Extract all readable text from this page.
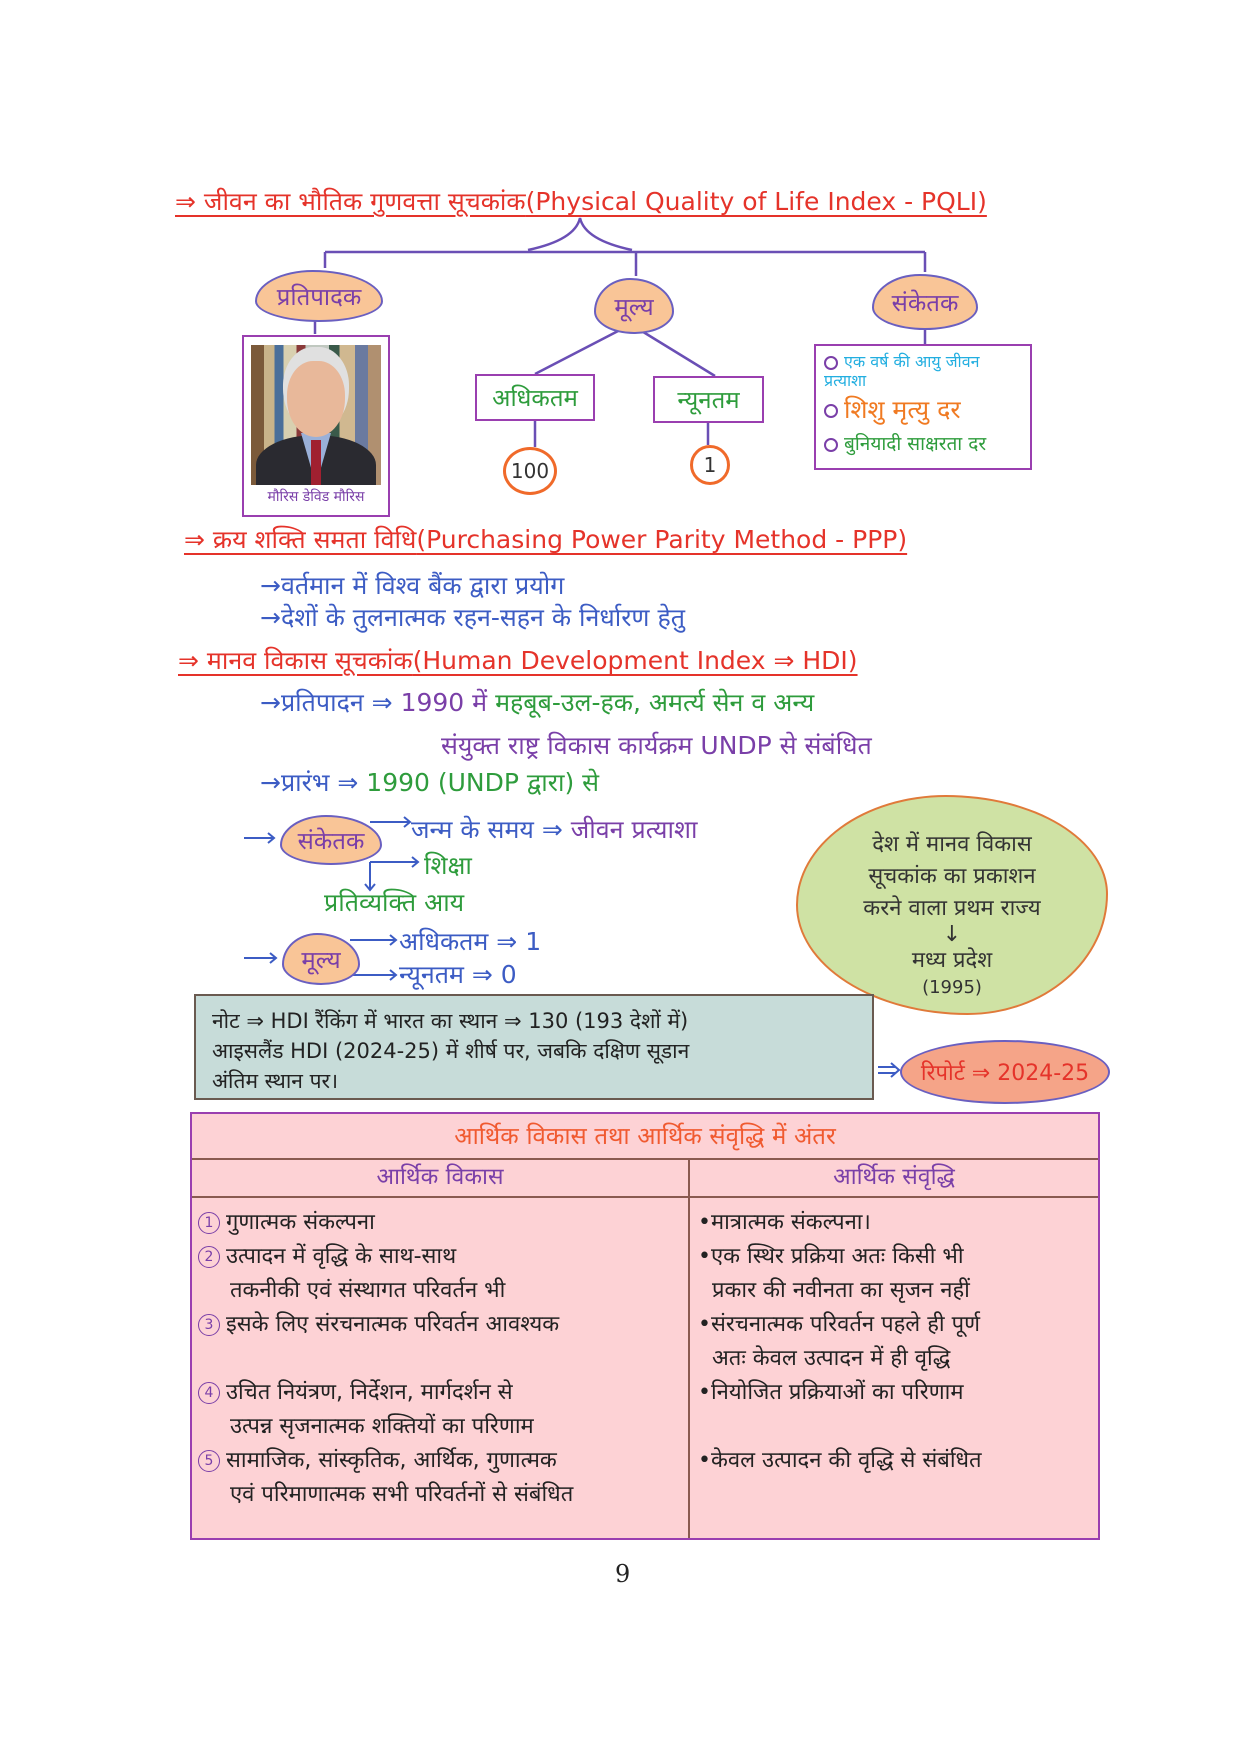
⇒ जीवन का भौतिक गुणवत्ता सूचकांक(Physical Quality of Life Index - PQLI)
प्रतिपादक
मौरिस डेविड मौरिस
मूल्य
अधिकतम	न्यूनतम
100	1
संकेतक
एक वर्ष की आयु जीवन प्रत्याशा
शिशु मृत्यु दर
बुनियादी साक्षरता दर
⇒ क्रय शक्ति समता विधि(Purchasing Power Parity Method - PPP)
→वर्तमान में विश्व बैंक द्वारा प्रयोग
→देशों के तुलनात्मक रहन-सहन के निर्धारण हेतु
⇒ मानव विकास सूचकांक(Human Development Index ⇒ HDI)
→प्रतिपादन ⇒ 1990 में महबूब-उल-हक, अमर्त्य सेन व अन्य
संयुक्त राष्ट्र विकास कार्यक्रम UNDP से संबंधित
→प्रारंभ ⇒ 1990 (UNDP द्वारा) से
संकेतक जन्म के समय ⇒ जीवन प्रत्याशा
शिक्षा
प्रतिव्यक्ति आय
मूल्य
अधिकतम ⇒ 1
न्यूनतम ⇒ 0
देश में मानव विकास
सूचकांक का प्रकाशन
करने वाला प्रथम राज्य
↓
मध्य प्रदेश
(1995)
नोट ⇒ HDI रैंकिंग में भारत का स्थान ⇒ 130 (193 देशों में)
आइसलैंड HDI (2024-25) में शीर्ष पर, जबकि दक्षिण सूडान
अंतिम स्थान पर।	रिपोर्ट ⇒ 2024-25
आर्थिक विकास तथा आर्थिक संवृद्धि में अंतर
आर्थिक विकास	आर्थिक संवृद्धि
1 गुणात्मक संकल्पना
2 उत्पादन में वृद्धि के साथ-साथ
तकनीकी एवं संस्थागत परिवर्तन भी
3 इसके लिए संरचनात्मक परिवर्तन आवश्यक
4 उचित नियंत्रण, निर्देशन, मार्गदर्शन से
उत्पन्न सृजनात्मक शक्तियों का परिणाम
5 सामाजिक, सांस्कृतिक, आर्थिक, गुणात्मक
एवं परिमाणात्मक सभी परिवर्तनों से संबंधित
•मात्रात्मक संकल्पना।
•एक स्थिर प्रक्रिया अतः किसी भी
प्रकार की नवीनता का सृजन नहीं
•संरचनात्मक परिवर्तन पहले ही पूर्ण
अतः केवल उत्पादन में ही वृद्धि
•नियोजित प्रक्रियाओं का परिणाम
•केवल उत्पादन की वृद्धि से संबंधित
9
